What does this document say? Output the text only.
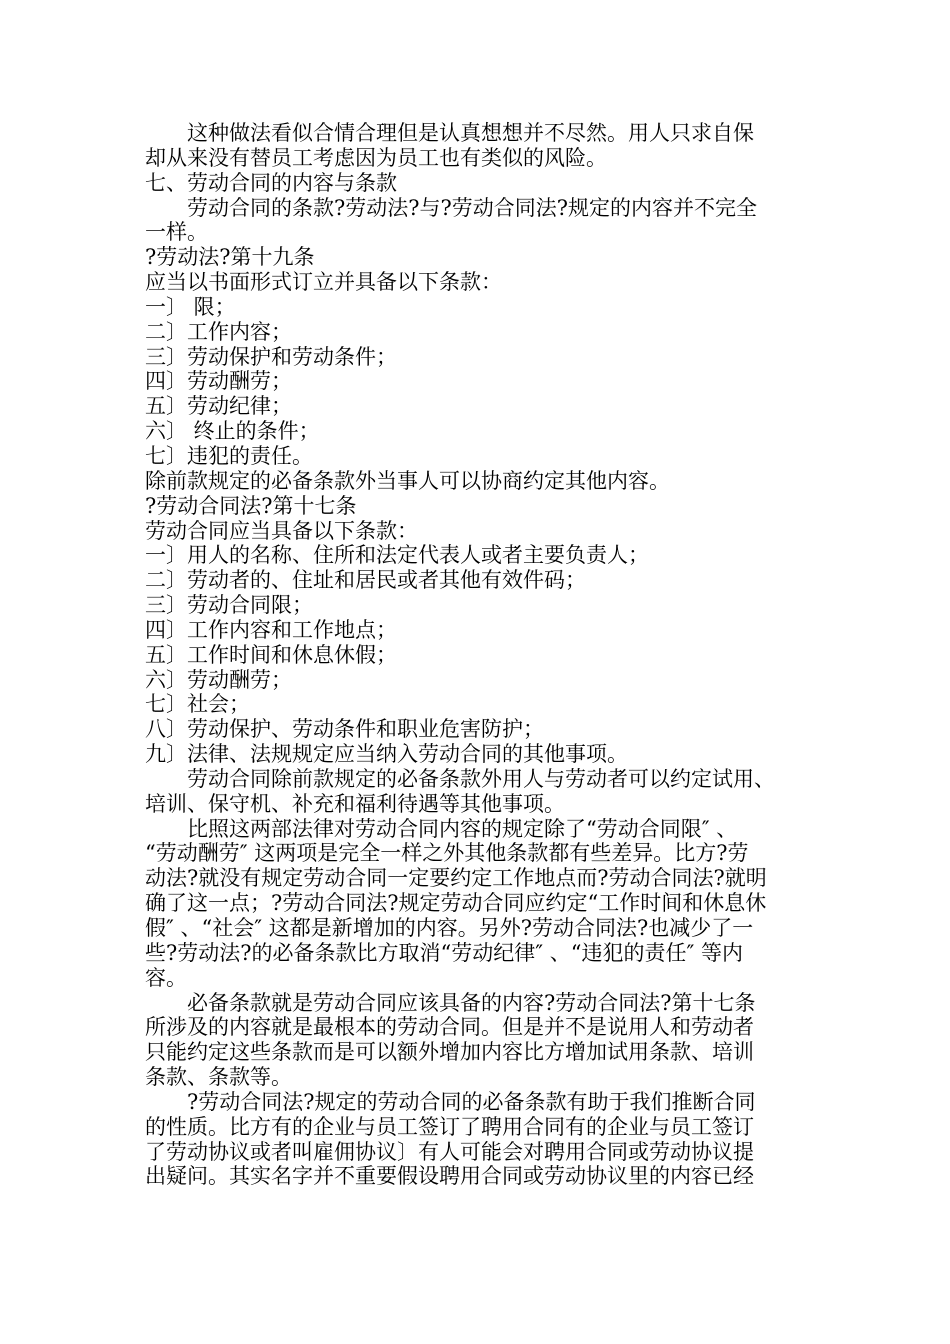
这种做法看似合情合理但是认真想想并不尽然。用人只求自保
却从来没有替员工考虑因为员工也有类似的风险。
七、劳动合同的内容与条款
劳动合同的条款?劳动法?与?劳动合同法?规定的内容并不完全
一样。
?劳动法?第十九条
应当以书面形式订立并具备以下条款：
一〕 限；
二〕工作内容；
三〕劳动保护和劳动条件；
四〕劳动酬劳；
五〕劳动纪律；
六〕 终止的条件；
七〕违犯的责任。
除前款规定的必备条款外当事人可以协商约定其他内容。
?劳动合同法?第十七条
劳动合同应当具备以下条款：
一〕用人的名称、住所和法定代表人或者主要负责人；
二〕劳动者的、住址和居民或者其他有效件码；
三〕劳动合同限；
四〕工作内容和工作地点；
五〕工作时间和休息休假；
六〕劳动酬劳；
七〕社会；
八〕劳动保护、劳动条件和职业危害防护；
九〕法律、法规规定应当纳入劳动合同的其他事项。
劳动合同除前款规定的必备条款外用人与劳动者可以约定试用、
培训、保守机、补充和福利待遇等其他事项。
比照这两部法律对劳动合同内容的规定除了“劳动合同限″ 、
“劳动酬劳″ 这两项是完全一样之外其他条款都有些差异。比方?劳
动法?就没有规定劳动合同一定要约定工作地点而?劳动合同法?就明
确了这一点；?劳动合同法?规定劳动合同应约定“工作时间和休息休
假″ 、“社会″ 这都是新增加的内容。另外?劳动合同法?也减少了一
些?劳动法?的必备条款比方取消“劳动纪律″ 、“违犯的责任″ 等内
容。
必备条款就是劳动合同应该具备的内容?劳动合同法?第十七条
所涉及的内容就是最根本的劳动合同。但是并不是说用人和劳动者
只能约定这些条款而是可以额外增加内容比方增加试用条款、培训
条款、条款等。
?劳动合同法?规定的劳动合同的必备条款有助于我们推断合同
的性质。比方有的企业与员工签订了聘用合同有的企业与员工签订
了劳动协议或者叫雇佣协议〕有人可能会对聘用合同或劳动协议提
出疑问。其实名字并不重要假设聘用合同或劳动协议里的内容已经
